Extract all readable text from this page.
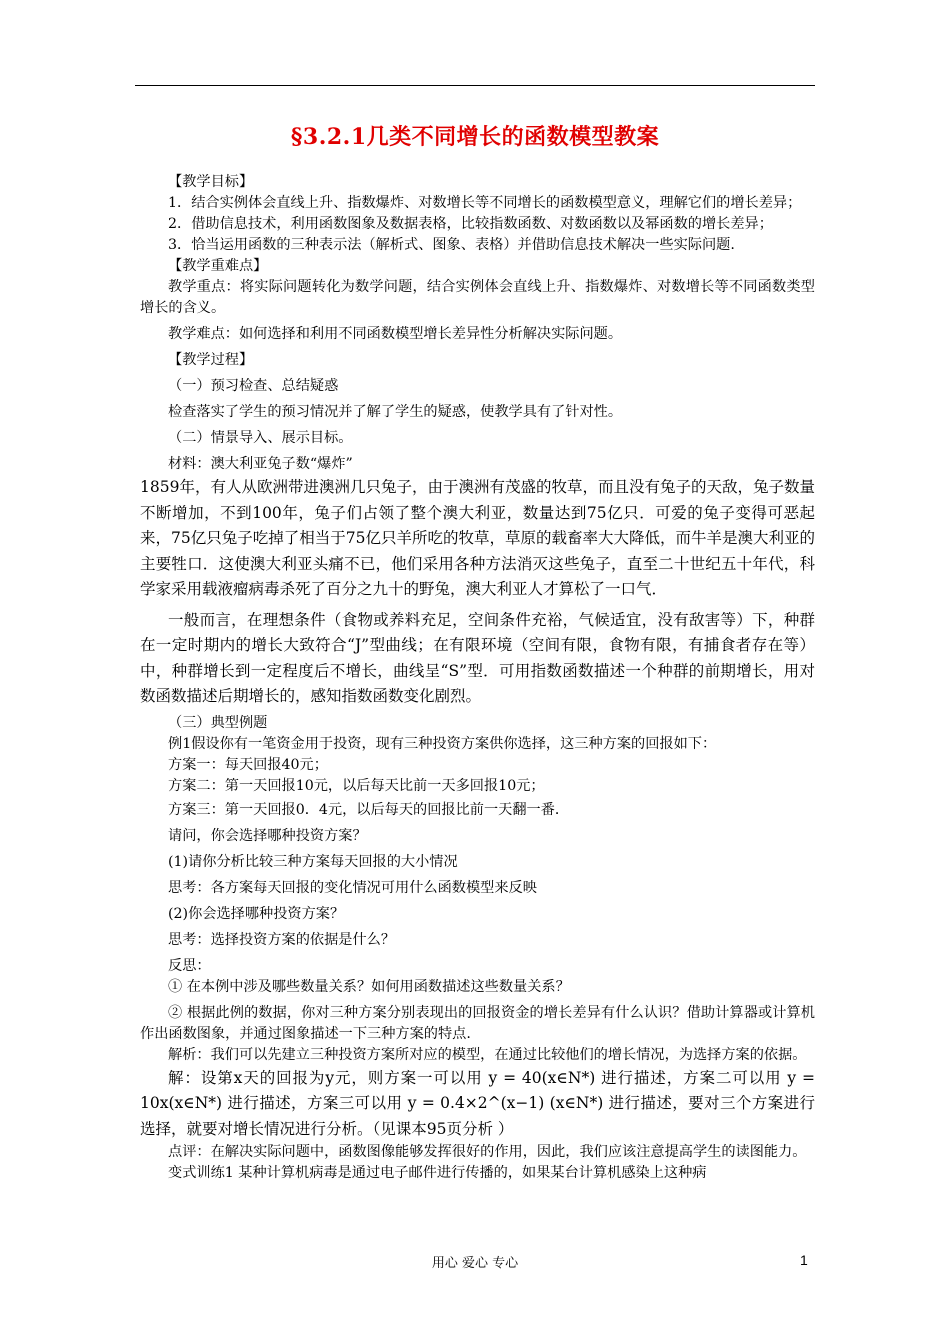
§3.2.1几类不同增长的函数模型教案

【教学目标】

1．结合实例体会直线上升、指数爆炸、对数增长等不同增长的函数模型意义，理解它们的增长差异；

2．借助信息技术，利用函数图象及数据表格，比较指数函数、对数函数以及幂函数的增长差异；

3．恰当运用函数的三种表示法（解析式、图象、表格）并借助信息技术解决一些实际问题.

【教学重难点】

教学重点：将实际问题转化为数学问题，结合实例体会直线上升、指数爆炸、对数增长等不同函数类型增长的含义。

教学难点：如何选择和利用不同函数模型增长差异性分析解决实际问题。

【教学过程】

（一）预习检查、总结疑惑

检查落实了学生的预习情况并了解了学生的疑惑，使教学具有了针对性。

（二）情景导入、展示目标。

材料：澳大利亚兔子数“爆炸”

1859年，有人从欧洲带进澳洲几只兔子，由于澳洲有茂盛的牧草，而且没有兔子的天敌，兔子数量不断增加，不到100年，兔子们占领了整个澳大利亚，数量达到75亿只．可爱的兔子变得可恶起来，75亿只兔子吃掉了相当于75亿只羊所吃的牧草，草原的载畜率大大降低，而牛羊是澳大利亚的主要牲口．这使澳大利亚头痛不已，他们采用各种方法消灭这些兔子，直至二十世纪五十年代，科学家采用载液瘤病毒杀死了百分之九十的野兔，澳大利亚人才算松了一口气．

一般而言，在理想条件（食物或养料充足，空间条件充裕，气候适宜，没有敌害等）下，种群在一定时期内的增长大致符合“J”型曲线；在有限环境（空间有限，食物有限，有捕食者存在等）中，种群增长到一定程度后不增长，曲线呈“S”型．可用指数函数描述一个种群的前期增长，用对数函数描述后期增长的，感知指数函数变化剧烈。

（三）典型例题

例1假设你有一笔资金用于投资，现有三种投资方案供你选择，这三种方案的回报如下：

方案一：每天回报40元；

方案二：第一天回报10元，以后每天比前一天多回报10元；

方案三：第一天回报0．4元，以后每天的回报比前一天翻一番．

请问，你会选择哪种投资方案？

(1)请你分析比较三种方案每天回报的大小情况

思考：各方案每天回报的变化情况可用什么函数模型来反映

(2)你会选择哪种投资方案？

思考：选择投资方案的依据是什么？

反思：

① 在本例中涉及哪些数量关系？如何用函数描述这些数量关系？

② 根据此例的数据，你对三种方案分别表现出的回报资金的增长差异有什么认识？借助计算器或计算机作出函数图象，并通过图象描述一下三种方案的特点.

解析：我们可以先建立三种投资方案所对应的模型，在通过比较他们的增长情况，为选择方案的依据。

解：设第x天的回报为y元，则方案一可以用 y = 40(x∈N*) 进行描述，方案二可以用 y = 10x(x∈N*) 进行描述，方案三可以用 y = 0.4×2^(x−1) (x∈N*) 进行描述，要对三个方案进行选择，就要对增长情况进行分析。（见课本95页分析 ）

点评：在解决实际问题中，函数图像能够发挥很好的作用，因此，我们应该注意提高学生的读图能力。

变式训练1 某种计算机病毒是通过电子邮件进行传播的，如果某台计算机感染上这种病

用心 爱心 专心	1
